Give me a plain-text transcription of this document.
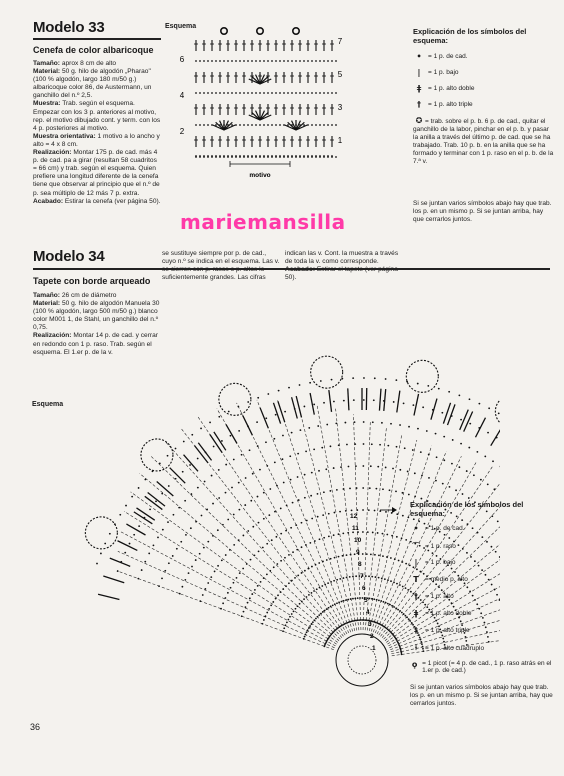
Modelo 33
Cenefa de color albaricoque
Tamaño: aprox 8 cm de alto
Material: 50 g. hilo de algodón „Pharao" (100 % algodón, largo 180 m/50 g.) albaricoque color 86, de Austermann, un ganchillo del n.º 2,5.
Muestra: Trab. según el esquema. Empezar con los 3 p. anteriores al motivo, rep. el motivo dibujado cont. y term. con los 4 p. posteriores al motivo.
Muestra orientativa: 1 motivo a lo ancho y alto = 4 x 8 cm.
Realización: Montar 175 p. de cad. más 4 p. de cad. pa a girar (resultan 58 cuadritos = 66 cm) y trab. según el esquema. Quien prefiere una longitud diferente de la cenefa tiene que observar al principio que el n.º de p. sea múltiplo de 12 más 7 p. extra.
Acabado: Estirar la cenefa (ver página 50).
Esquema
motivo
7
5
3
1
6
4
2
Explicación de los símbolos del esquema:
• = 1 p. de cad.
|	= 1 p. bajo
ǂ	= 1 p. alto doble
†	= 1 p. alto triple
✪ = trab. sobre el p. b. 6 p. de cad., quitar el ganchillo de la labor, pinchar en el p. b. y pasar la anilla a través del último p. de cad. que se ha trabajado. Trab. 10 p. b. en la anilla que se ha formado y terminar con 1 p. raso en el p. b. de la 7.ª v.
Si se juntan varios símbolos abajo hay que trab. los p. en un mismo p. Si se juntan arriba, hay que cerrarlos juntos.
mariemansilla
Modelo 34
Tapete con borde arqueado
Tamaño: 26 cm de diámetro
Material: 50 g. hilo de algodón Manuela 30 (100 % algodón, largo 500 m/50 g.) blanco color M001 1, de Stahl, un ganchillo del n.º 0,75.
Realización: Montar 14 p. de cad. y cerrar en redondo con 1 p. raso. Trab. según el esquema. El 1.er p. de la v.
se sustituye siempre por p. de cad., cuyo n.º se indica en el esquema. Las v. se cierren con p. rasos o p. altos lo suficientemente grandes. Las cifras
indican las v. Cont. la muestra a través de toda la v. como corresponde. Acabado: Estirar el tapete (ver página 50).
Esquema
12
11
10
9
8
7
6
5
4
3
2
1
Explicación de los símbolos del esquema:
• = 1 p. de cad.
⌒ = 1 p. raso
|	= 1 p. bajo
T = medio p. alto
†	= 1 p. alto
ǂ	= 1 p. alto doble
‡	= 1 p. alto triple
⟊	= 1 p. alto cuádruplo
ọ = 1 picot (= 4 p. de cad., 1 p. raso atrás en el 1.er p. de cad.)
Si se juntan varios símbolos abajo hay que trab. los p. en un mismo p. Si se juntan arriba, hay que cerrarlos juntos.
36
